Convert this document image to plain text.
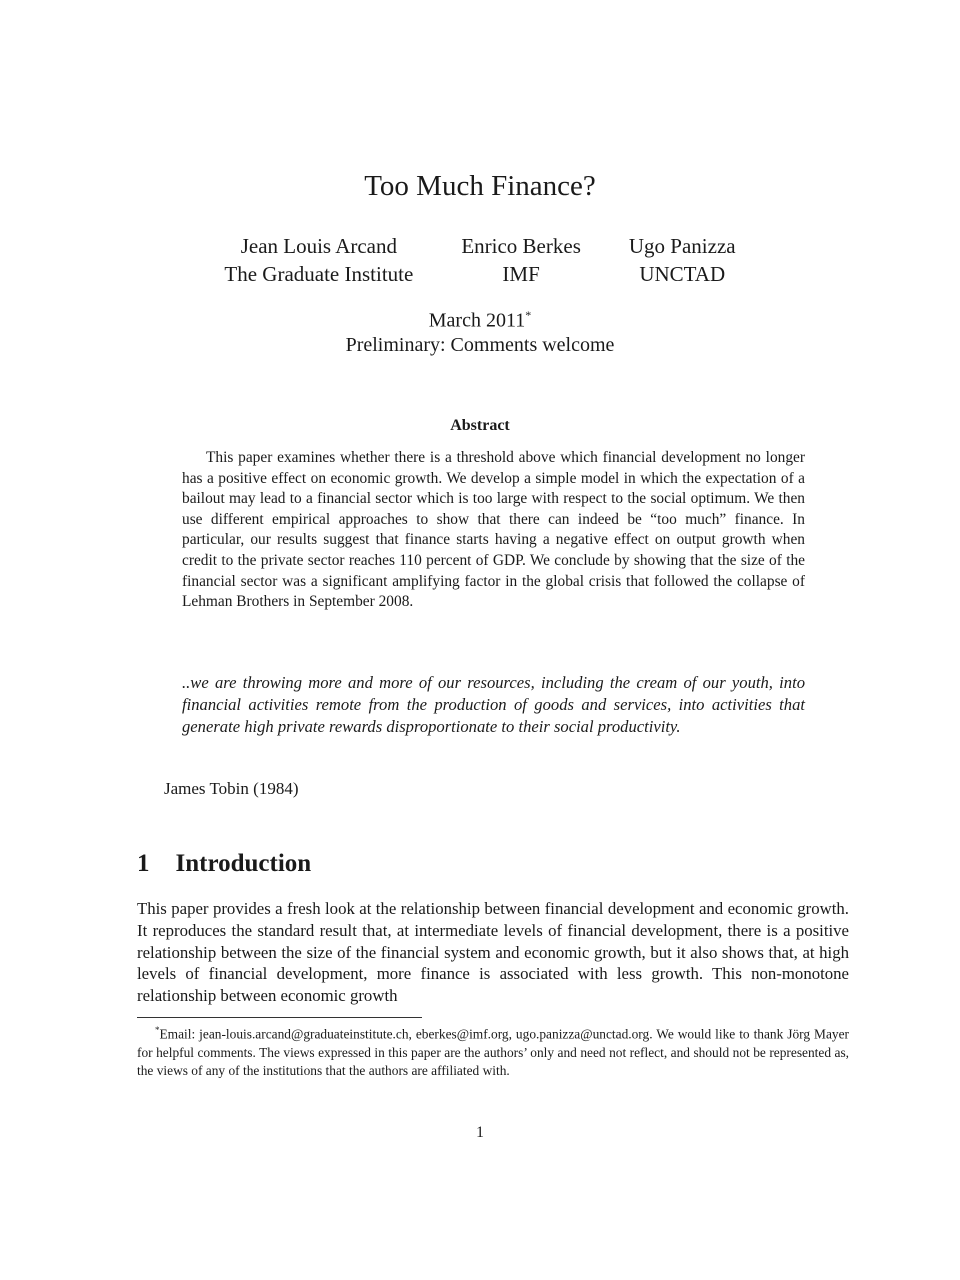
Too Much Finance?
Jean Louis Arcand
The Graduate Institute
Enrico Berkes
IMF
Ugo Panizza
UNCTAD
March 2011*
Preliminary: Comments welcome
Abstract

This paper examines whether there is a threshold above which financial development no longer has a positive effect on economic growth. We develop a simple model in which the expectation of a bailout may lead to a financial sector which is too large with respect to the social optimum. We then use different empirical approaches to show that there can indeed be “too much” finance. In particular, our results suggest that finance starts having a negative effect on output growth when credit to the private sector reaches 110 percent of GDP. We conclude by showing that the size of the financial sector was a significant amplifying factor in the global crisis that followed the collapse of Lehman Brothers in September 2008.

..we are throwing more and more of our resources, including the cream of our youth, into financial activities remote from the production of goods and services, into activities that generate high private rewards disproportionate to their social productivity.

James Tobin (1984)
1 Introduction

This paper provides a fresh look at the relationship between financial development and economic growth. It reproduces the standard result that, at intermediate levels of financial development, there is a positive relationship between the size of the financial system and economic growth, but it also shows that, at high levels of financial development, more finance is associated with less growth. This non-monotone relationship between economic growth

*Email: jean-louis.arcand@graduateinstitute.ch, eberkes@imf.org, ugo.panizza@unctad.org. We would like to thank Jörg Mayer for helpful comments. The views expressed in this paper are the authors’ only and need not reflect, and should not be represented as, the views of any of the institutions that the authors are affiliated with.

1
